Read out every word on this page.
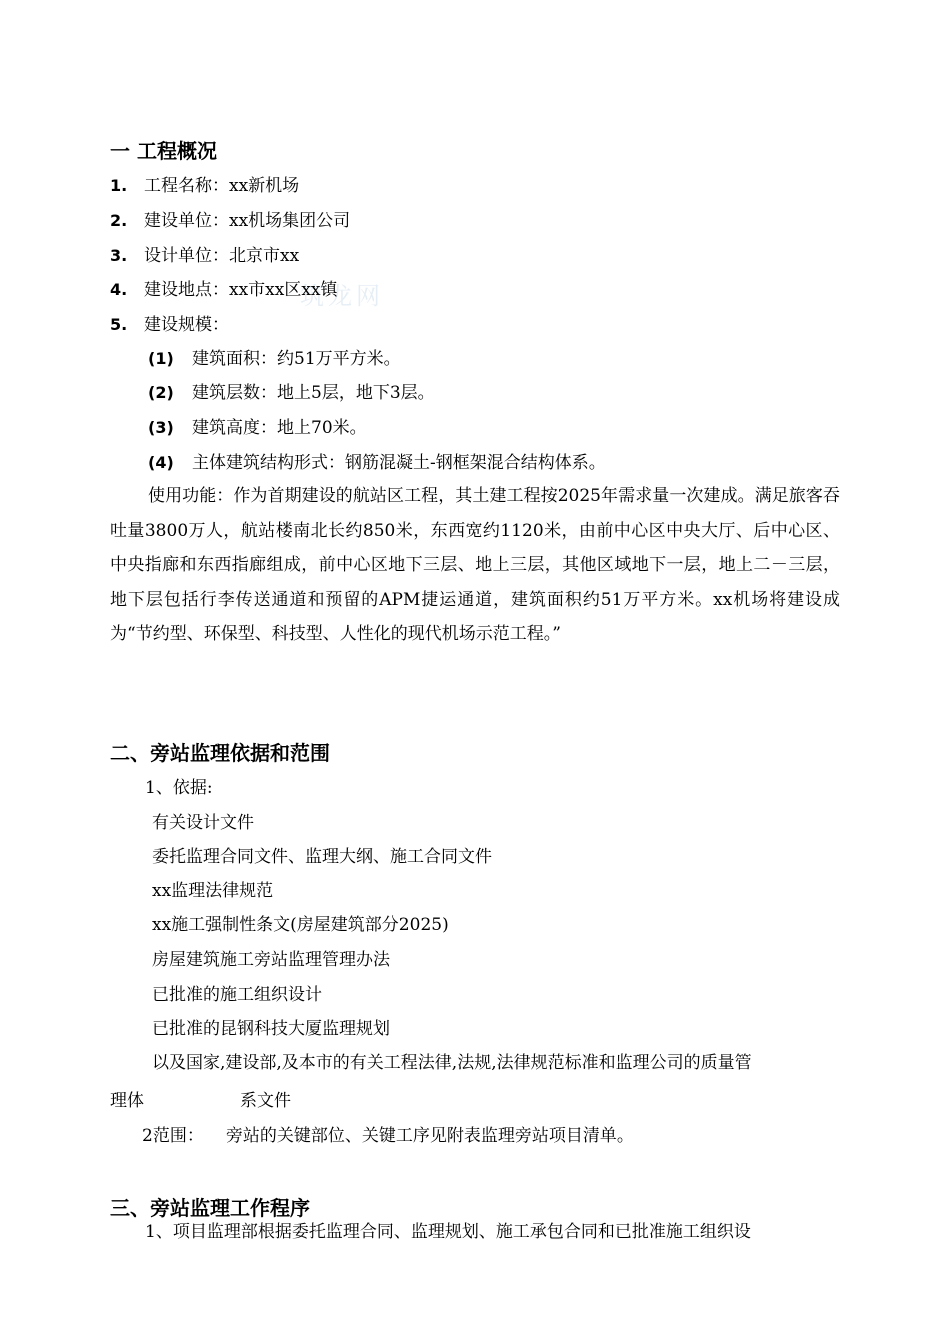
筑龙网
一 工程概况
1. 工程名称：xx新机场
2. 建设单位：xx机场集团公司
3. 设计单位：北京市xx
4. 建设地点：xx市xx区xx镇
5. 建设规模：
(1) 建筑面积：约51万平方米。
(2) 建筑层数：地上5层，地下3层。
(3) 建筑高度：地上70米。
(4) 主体建筑结构形式：钢筋混凝土-钢框架混合结构体系。
使用功能：作为首期建设的航站区工程，其土建工程按2025年需求量一次建成。满足旅客吞吐量3800万人，航站楼南北长约850米，东西宽约1120米，由前中心区中央大厅、后中心区、中央指廊和东西指廊组成，前中心区地下三层、地上三层，其他区域地下一层，地上二－三层，地下层包括行李传送通道和预留的APM捷运通道，建筑面积约51万平方米。xx机场将建设成为“节约型、环保型、科技型、人性化的现代机场示范工程。”
二、旁站监理依据和范围
1、依据:
有关设计文件
委托监理合同文件、监理大纲、施工合同文件
xx监理法律规范
xx施工强制性条文(房屋建筑部分2025)
房屋建筑施工旁站监理管理办法
已批准的施工组织设计
已批准的昆钢科技大厦监理规划
以及国家,建设部,及本市的有关工程法律,法规,法律规范标准和监理公司的质量管
理体	系文件
2范围： 旁站的关键部位、关键工序见附表监理旁站项目清单。
三、旁站监理工作程序
1、项目监理部根据委托监理合同、监理规划、施工承包合同和已批准施工组织设
